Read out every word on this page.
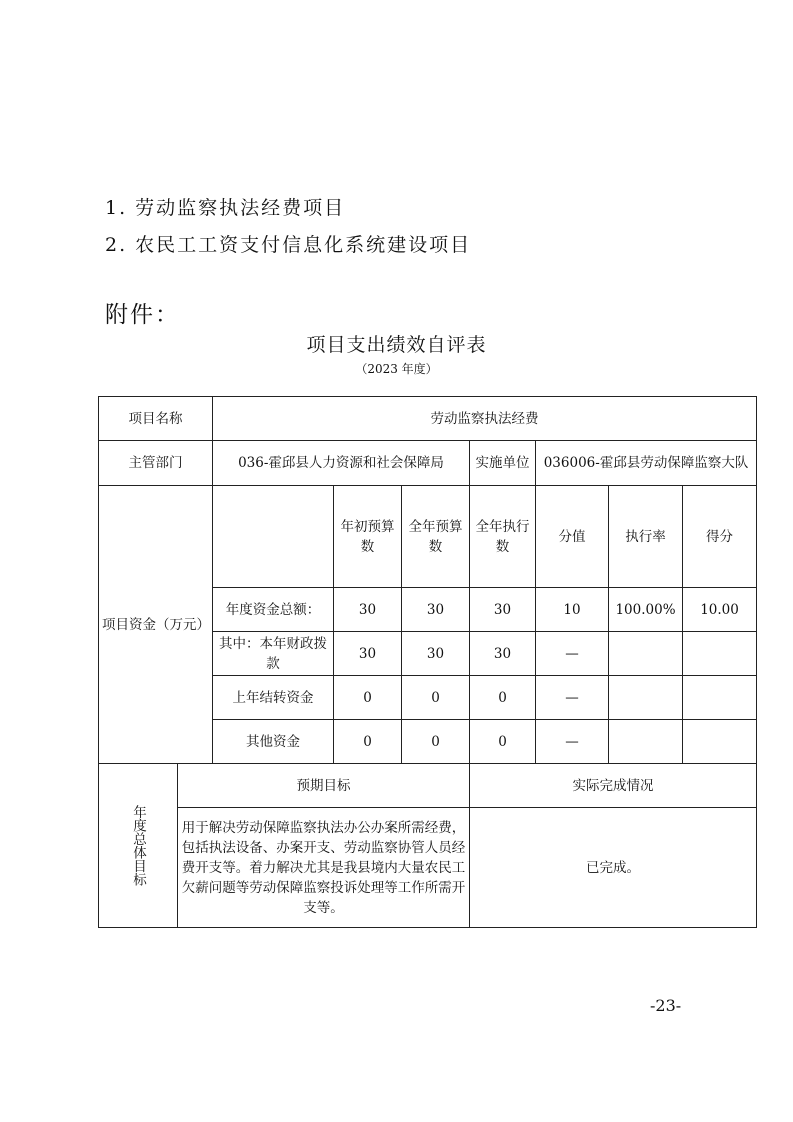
1. 劳动监察执法经费项目
2. 农民工工资支付信息化系统建设项目
附件：
项目支出绩效自评表
（2023 年度）
项目名称		劳动监察执法经费						
主管部门		036-霍邱县人力资源和社会保障局			实施单位	036006-霍邱县劳动保障监察大队		
项目资金（万元）			年初预算数	全年预算数	全年执行数	分值	执行率	得分
		年度资金总额：	30	30	30	10	100.00%	10.00
		其中：本年财政拨款	30	30	30	—		
		上年结转资金	0	0	0	—		
		其他资金	0	0	0	—		
年度总体目标	预期目标				实际完成情况			
	用于解决劳动保障监察执法办公办案所需经费，包括执法设备、办案开支、劳动监察协管人员经费开支等。着力解决尤其是我县境内大量农民工欠薪问题等劳动保障监察投诉处理等工作所需开支等。				已完成。			
-23-
